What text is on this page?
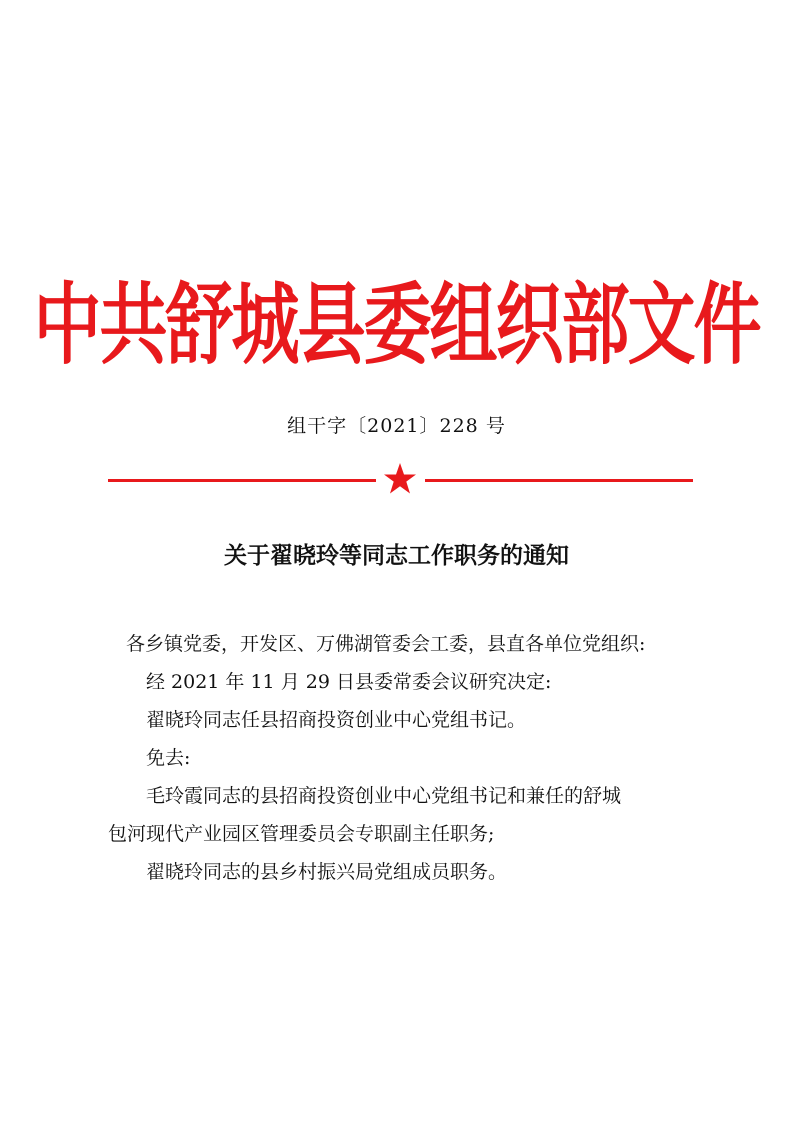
中共舒城县委组织部文件
组干字〔2021〕228 号
关于翟晓玲等同志工作职务的通知
各乡镇党委，开发区、万佛湖管委会工委，县直各单位党组织:
经 2021 年 11 月 29 日县委常委会议研究决定:
翟晓玲同志任县招商投资创业中心党组书记。
免去:
毛玲霞同志的县招商投资创业中心党组书记和兼任的舒城
包河现代产业园区管理委员会专职副主任职务;
翟晓玲同志的县乡村振兴局党组成员职务。
